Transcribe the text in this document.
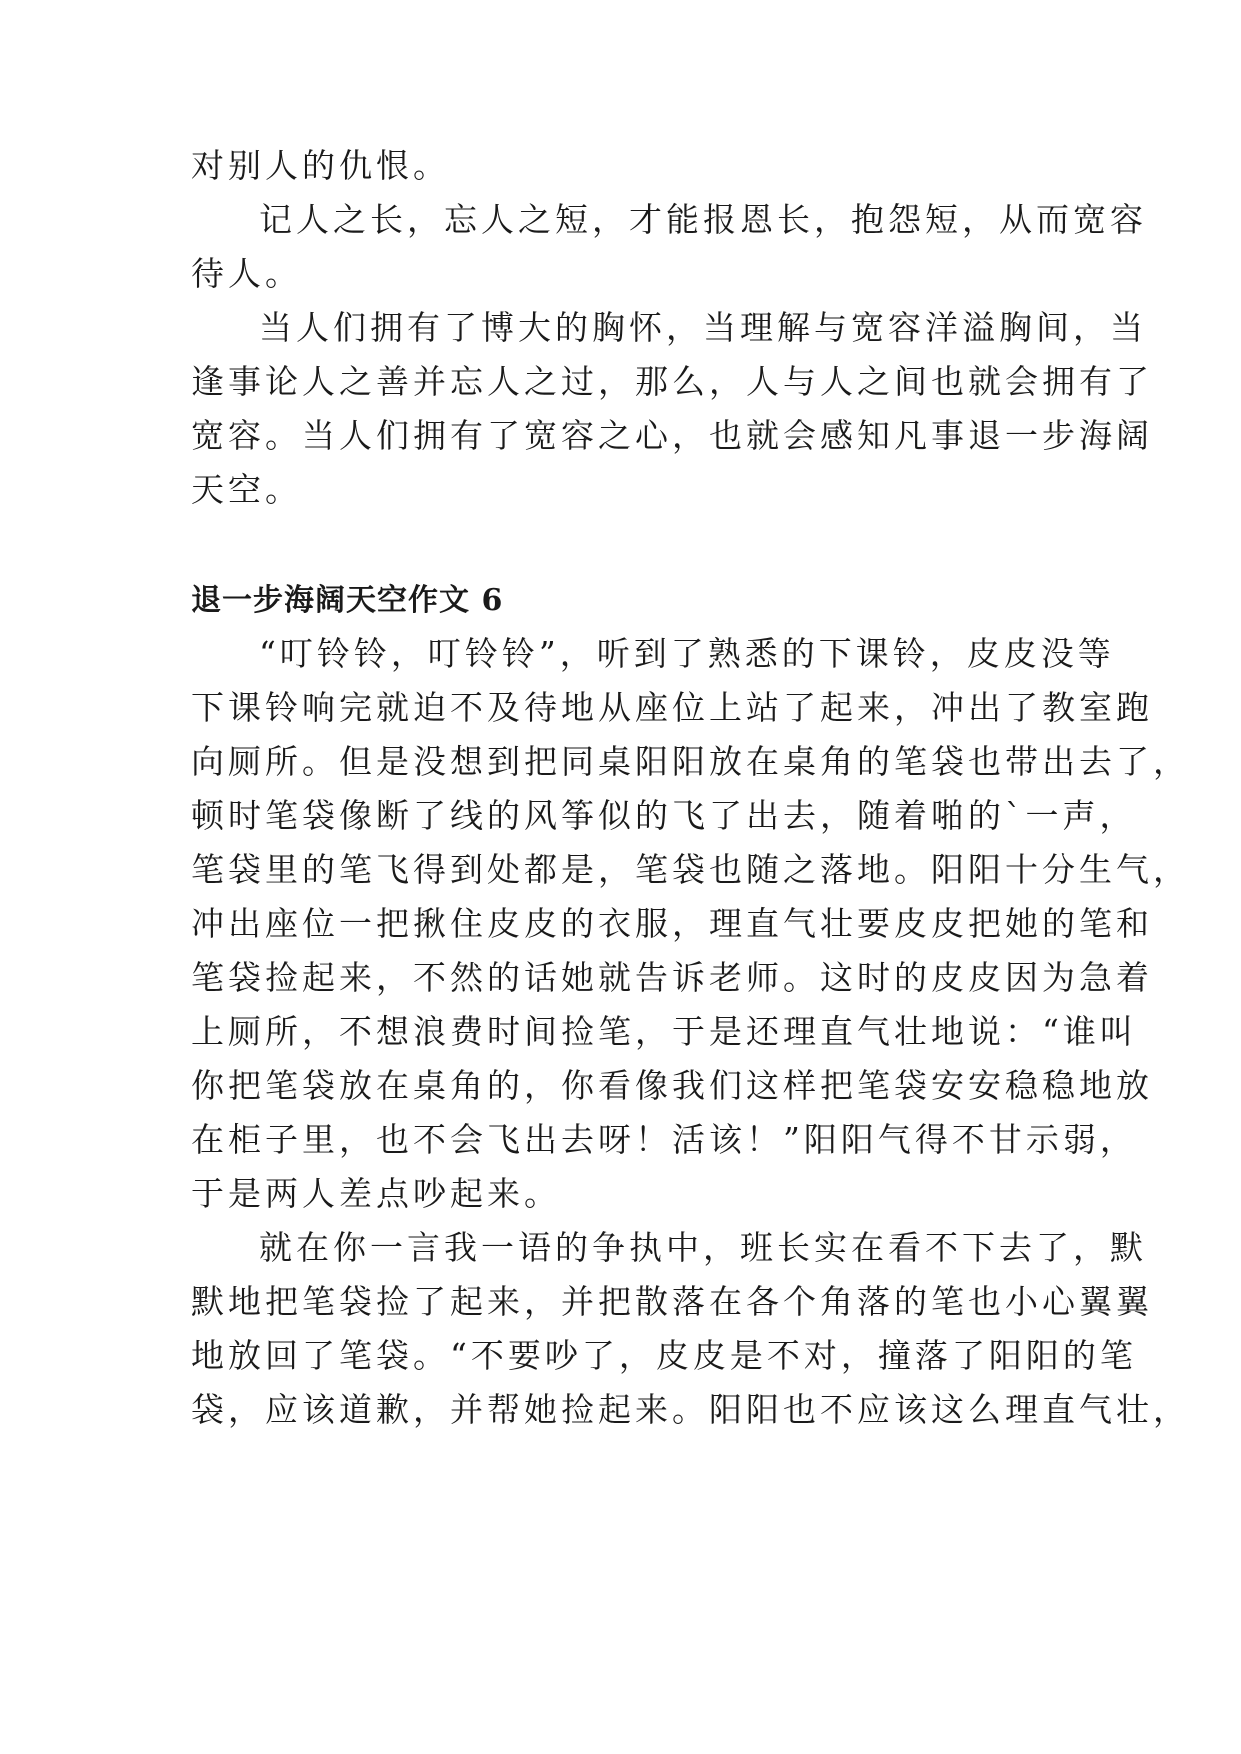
对别人的仇恨。

记人之长，忘人之短，才能报恩长，抱怨短，从而宽容

待人。

当人们拥有了博大的胸怀，当理解与宽容洋溢胸间，当

逢事论人之善并忘人之过，那么，人与人之间也就会拥有了

宽容。当人们拥有了宽容之心，也就会感知凡事退一步海阔

天空。

退一步海阔天空作文 6

“叮铃铃，叮铃铃”，听到了熟悉的下课铃，皮皮没等

下课铃响完就迫不及待地从座位上站了起来，冲出了教室跑

向厕所。但是没想到把同桌阳阳放在桌角的笔袋也带出去了，

顿时笔袋像断了线的风筝似的飞了出去，随着啪的`一声，

笔袋里的笔飞得到处都是，笔袋也随之落地。阳阳十分生气，

冲出座位一把揪住皮皮的衣服，理直气壮要皮皮把她的笔和

笔袋捡起来，不然的话她就告诉老师。这时的皮皮因为急着

上厕所，不想浪费时间捡笔，于是还理直气壮地说：“谁叫

你把笔袋放在桌角的，你看像我们这样把笔袋安安稳稳地放

在柜子里，也不会飞出去呀！活该！”阳阳气得不甘示弱，

于是两人差点吵起来。

就在你一言我一语的争执中，班长实在看不下去了，默

默地把笔袋捡了起来，并把散落在各个角落的笔也小心翼翼

地放回了笔袋。“不要吵了，皮皮是不对，撞落了阳阳的笔

袋，应该道歉，并帮她捡起来。阳阳也不应该这么理直气壮，
